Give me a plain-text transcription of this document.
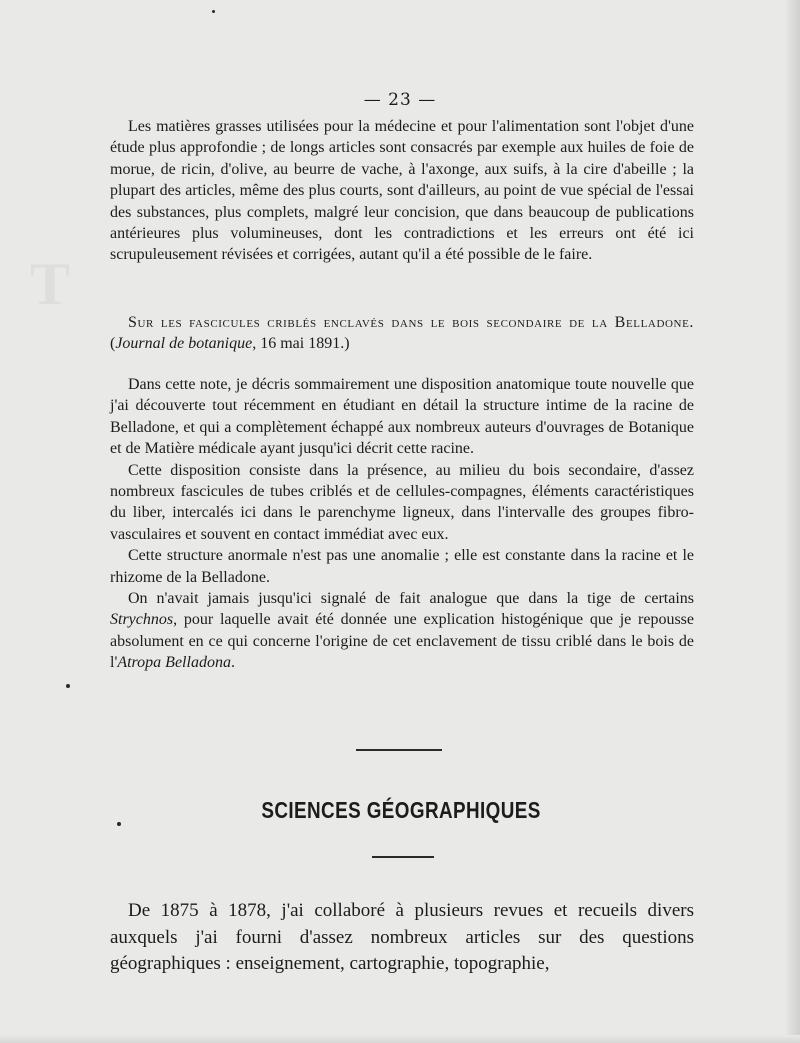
— 23 —

Les matières grasses utilisées pour la médecine et pour l'alimentation sont l'objet d'une étude plus approfondie ; de longs articles sont consacrés par exemple aux huiles de foie de morue, de ricin, d'olive, au beurre de vache, à l'axonge, aux suifs, à la cire d'abeille ; la plupart des articles, même des plus courts, sont d'ailleurs, au point de vue spécial de l'essai des substances, plus complets, malgré leur concision, que dans beaucoup de publications antérieures plus volumineuses, dont les contradictions et les erreurs ont été ici scrupuleusement révisées et corrigées, autant qu'il a été possible de le faire.

Sur les fascicules criblés enclavés dans le bois secondaire de la Belladone. (Journal de botanique, 16 mai 1891.)

Dans cette note, je décris sommairement une disposition anatomique toute nouvelle que j'ai découverte tout récemment en étudiant en détail la structure intime de la racine de Belladone, et qui a complètement échappé aux nombreux auteurs d'ouvrages de Botanique et de Matière médicale ayant jusqu'ici décrit cette racine.

Cette disposition consiste dans la présence, au milieu du bois secondaire, d'assez nombreux fascicules de tubes criblés et de cellules-compagnes, éléments caractéristiques du liber, intercalés ici dans le parenchyme ligneux, dans l'intervalle des groupes fibro-vasculaires et souvent en contact immédiat avec eux.

Cette structure anormale n'est pas une anomalie ; elle est constante dans la racine et le rhizome de la Belladone.

On n'avait jamais jusqu'ici signalé de fait analogue que dans la tige de certains Strychnos, pour laquelle avait été donnée une explication histogénique que je repousse absolument en ce qui concerne l'origine de cet enclavement de tissu criblé dans le bois de l'Atropa Belladona.

SCIENCES GÉOGRAPHIQUES

De 1875 à 1878, j'ai collaboré à plusieurs revues et recueils divers auxquels j'ai fourni d'assez nombreux articles sur des questions géographiques : enseignement, cartographie, topographie,
